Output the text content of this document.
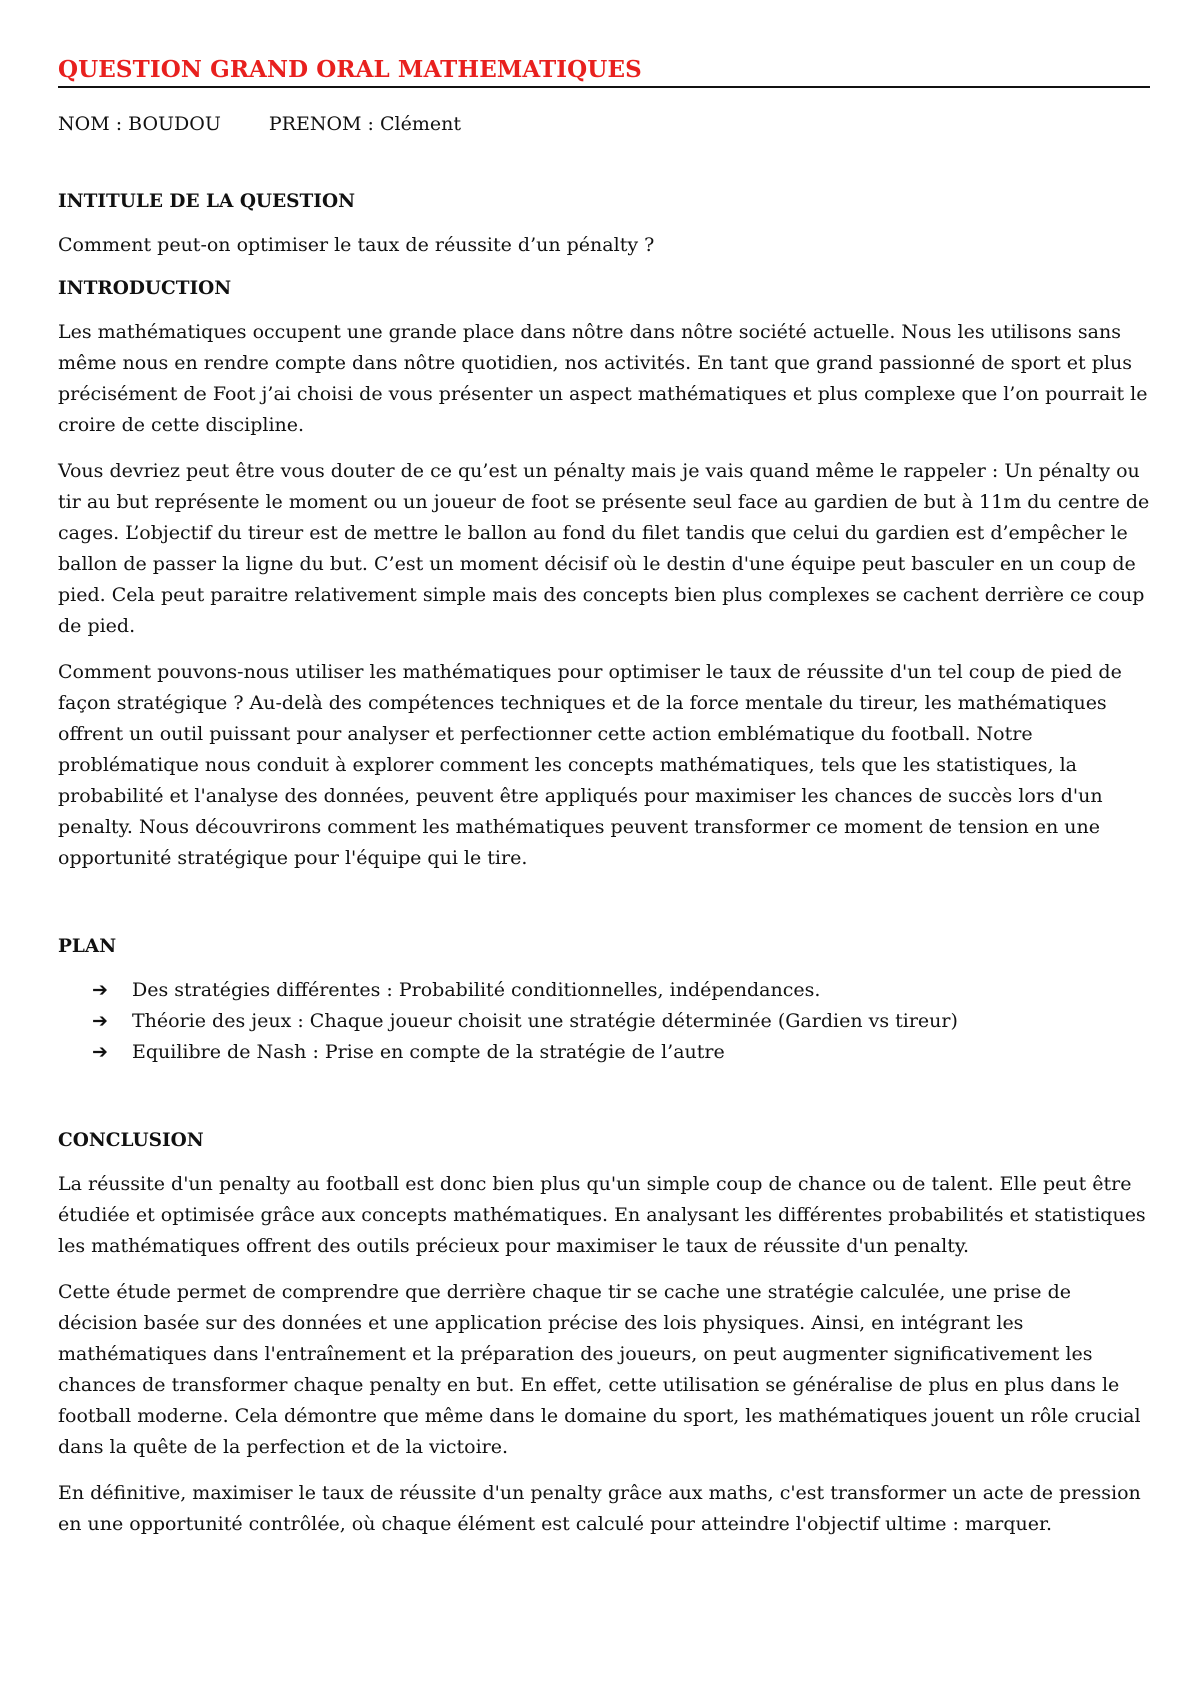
QUESTION GRAND ORAL MATHEMATIQUES
NOM : BOUDOU	PRENOM : Clément
INTITULE DE LA QUESTION

Comment peut-on optimiser le taux de réussite d’un pénalty ?

INTRODUCTION

Les mathématiques occupent une grande place dans nôtre dans nôtre société actuelle. Nous les utilisons sans même nous en rendre compte dans nôtre quotidien, nos activités. En tant que grand passionné de sport et plus précisément de Foot j’ai choisi de vous présenter un aspect mathématiques et plus complexe que l’on pourrait le croire de cette discipline.

Vous devriez peut être vous douter de ce qu’est un pénalty mais je vais quand même le rappeler : Un pénalty ou tir au but représente le moment ou un joueur de foot se présente seul face au gardien de but à 11m du centre de cages. L’objectif du tireur est de mettre le ballon au fond du filet tandis que celui du gardien est d’empêcher le ballon de passer la ligne du but. C’est un moment décisif où le destin d'une équipe peut basculer en un coup de pied. Cela peut paraitre relativement simple mais des concepts bien plus complexes se cachent derrière ce coup de pied.

Comment pouvons-nous utiliser les mathématiques pour optimiser le taux de réussite d'un tel coup de pied de façon stratégique ? Au-delà des compétences techniques et de la force mentale du tireur, les mathématiques offrent un outil puissant pour analyser et perfectionner cette action emblématique du football. Notre problématique nous conduit à explorer comment les concepts mathématiques, tels que les statistiques, la probabilité et l'analyse des données, peuvent être appliqués pour maximiser les chances de succès lors d'un penalty. Nous découvrirons comment les mathématiques peuvent transformer ce moment de tension en une opportunité stratégique pour l'équipe qui le tire.

PLAN
➔ Des stratégies différentes : Probabilité conditionnelles, indépendances.
➔ Théorie des jeux : Chaque joueur choisit une stratégie déterminée (Gardien vs tireur)
➔ Equilibre de Nash : Prise en compte de la stratégie de l’autre
CONCLUSION

La réussite d'un penalty au football est donc bien plus qu'un simple coup de chance ou de talent. Elle peut être étudiée et optimisée grâce aux concepts mathématiques. En analysant les différentes probabilités et statistiques les mathématiques offrent des outils précieux pour maximiser le taux de réussite d'un penalty.

Cette étude permet de comprendre que derrière chaque tir se cache une stratégie calculée, une prise de décision basée sur des données et une application précise des lois physiques. Ainsi, en intégrant les mathématiques dans l'entraînement et la préparation des joueurs, on peut augmenter significativement les chances de transformer chaque penalty en but. En effet, cette utilisation se généralise de plus en plus dans le football moderne. Cela démontre que même dans le domaine du sport, les mathématiques jouent un rôle crucial dans la quête de la perfection et de la victoire.

En définitive, maximiser le taux de réussite d'un penalty grâce aux maths, c'est transformer un acte de pression en une opportunité contrôlée, où chaque élément est calculé pour atteindre l'objectif ultime : marquer.
